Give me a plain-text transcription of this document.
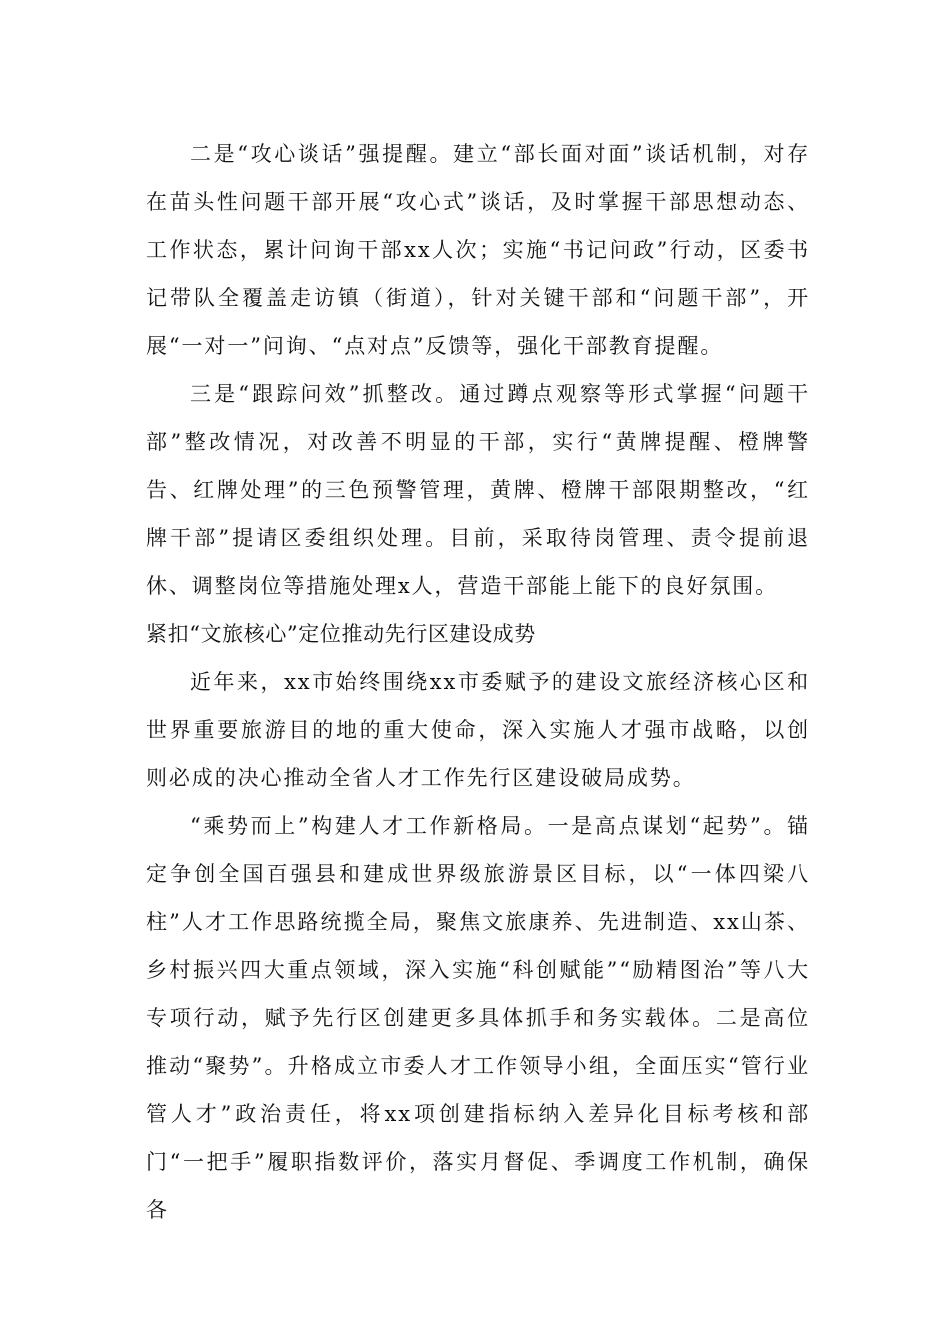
二是“攻心谈话”强提醒。建立“部长面对面”谈话机制，对存在苗头性问题干部开展“攻心式”谈话，及时掌握干部思想动态、工作状态，累计问询干部xx人次；实施“书记问政”行动，区委书记带队全覆盖走访镇（街道），针对关键干部和“问题干部”，开展“一对一”问询、“点对点”反馈等，强化干部教育提醒。

三是“跟踪问效”抓整改。通过蹲点观察等形式掌握“问题干部”整改情况，对改善不明显的干部，实行“黄牌提醒、橙牌警告、红牌处理”的三色预警管理，黄牌、橙牌干部限期整改，“红牌干部”提请区委组织处理。目前，采取待岗管理、责令提前退休、调整岗位等措施处理x人，营造干部能上能下的良好氛围。

紧扣“文旅核心”定位推动先行区建设成势

近年来，xx市始终围绕xx市委赋予的建设文旅经济核心区和世界重要旅游目的地的重大使命，深入实施人才强市战略，以创则必成的决心推动全省人才工作先行区建设破局成势。

“乘势而上”构建人才工作新格局。一是高点谋划“起势”。锚定争创全国百强县和建成世界级旅游景区目标，以“一体四梁八柱”人才工作思路统揽全局，聚焦文旅康养、先进制造、xx山茶、乡村振兴四大重点领域，深入实施“科创赋能”“励精图治”等八大专项行动，赋予先行区创建更多具体抓手和务实载体。二是高位推动“聚势”。升格成立市委人才工作领导小组，全面压实“管行业管人才”政治责任，将xx项创建指标纳入差异化目标考核和部门“一把手”履职指数评价，落实月督促、季调度工作机制，确保各
